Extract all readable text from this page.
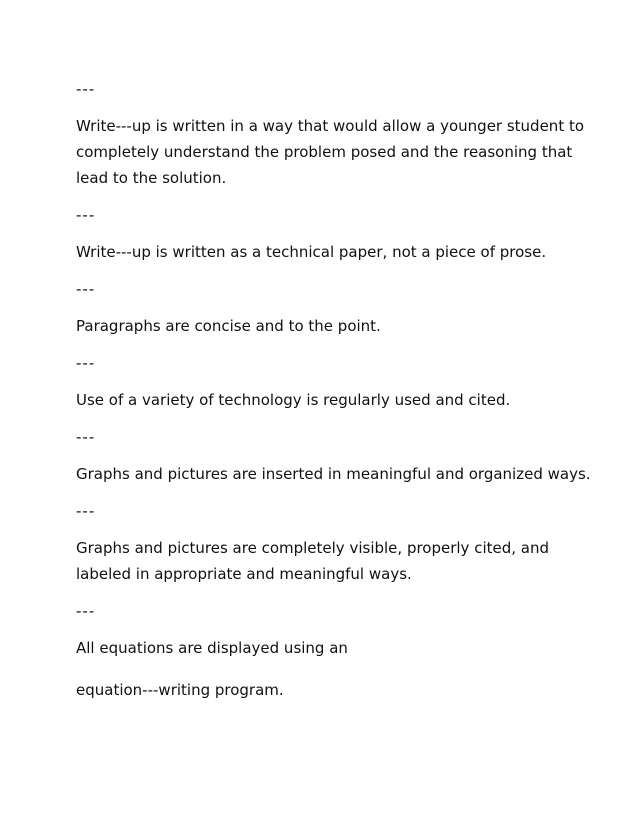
---
Write---up is written in a way that would allow a younger student to completely understand the problem posed and the reasoning that lead to the solution.
---
Write---up is written as a technical paper, not a piece of prose.
---
Paragraphs are concise and to the point.
---
Use of a variety of technology is regularly used and cited.
---
Graphs and pictures are inserted in meaningful and organized ways.
---
Graphs and pictures are completely visible, properly cited, and labeled in appropriate and meaningful ways.
---
All equations are displayed using an
equation---writing program.
